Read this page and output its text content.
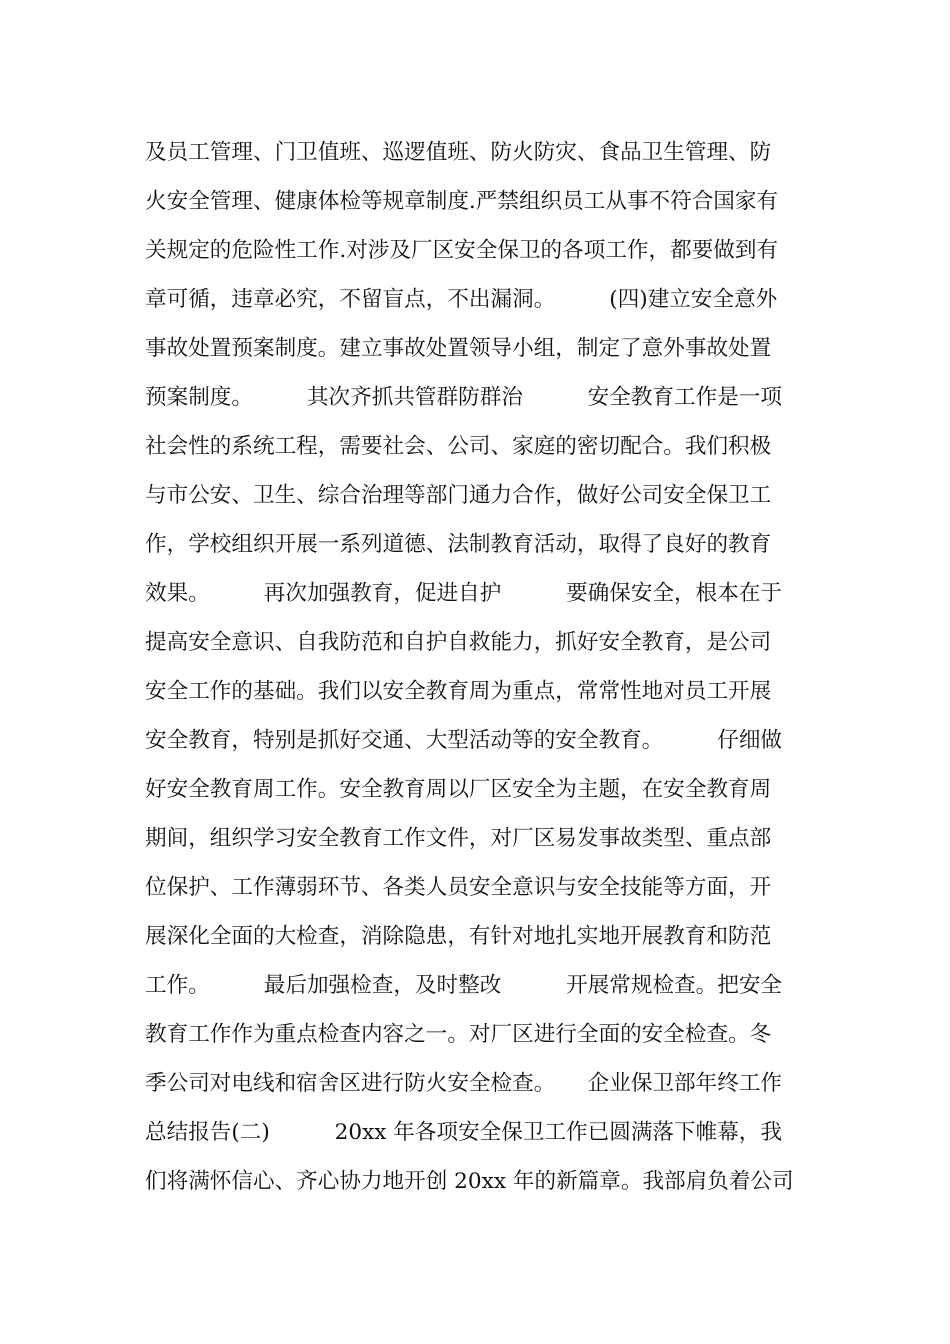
及员工管理、门卫值班、巡逻值班、防火防灾、食品卫生管理、防
火安全管理、健康体检等规章制度.严禁组织员工从事不符合国家有
关规定的危险性工作.对涉及厂区安全保卫的各项工作，都要做到有
章可循，违章必究，不留盲点，不出漏洞。　　　(四)建立安全意外
事故处置预案制度。建立事故处置领导小组，制定了意外事故处置
预案制度。　　　其次齐抓共管群防群治　　　安全教育工作是一项
社会性的系统工程，需要社会、公司、家庭的密切配合。我们积极
与市公安、卫生、综合治理等部门通力合作，做好公司安全保卫工
作，学校组织开展一系列道德、法制教育活动，取得了良好的教育
效果。　　　再次加强教育，促进自护　　　要确保安全，根本在于
提高安全意识、自我防范和自护自救能力，抓好安全教育，是公司
安全工作的基础。我们以安全教育周为重点，常常性地对员工开展
安全教育，特别是抓好交通、大型活动等的安全教育。　　　仔细做
好安全教育周工作。安全教育周以厂区安全为主题，在安全教育周
期间，组织学习安全教育工作文件，对厂区易发事故类型、重点部
位保护、工作薄弱环节、各类人员安全意识与安全技能等方面，开
展深化全面的大检查，消除隐患，有针对地扎实地开展教育和防范
工作。　　　最后加强检查，及时整改　　　开展常规检查。把安全
教育工作作为重点检查内容之一。对厂区进行全面的安全检查。冬
季公司对电线和宿舍区进行防火安全检查。　　企业保卫部年终工作
总结报告(二)　　　20xx 年各项安全保卫工作已圆满落下帷幕，我
们将满怀信心、齐心协力地开创 20xx 年的新篇章。我部肩负着公司
